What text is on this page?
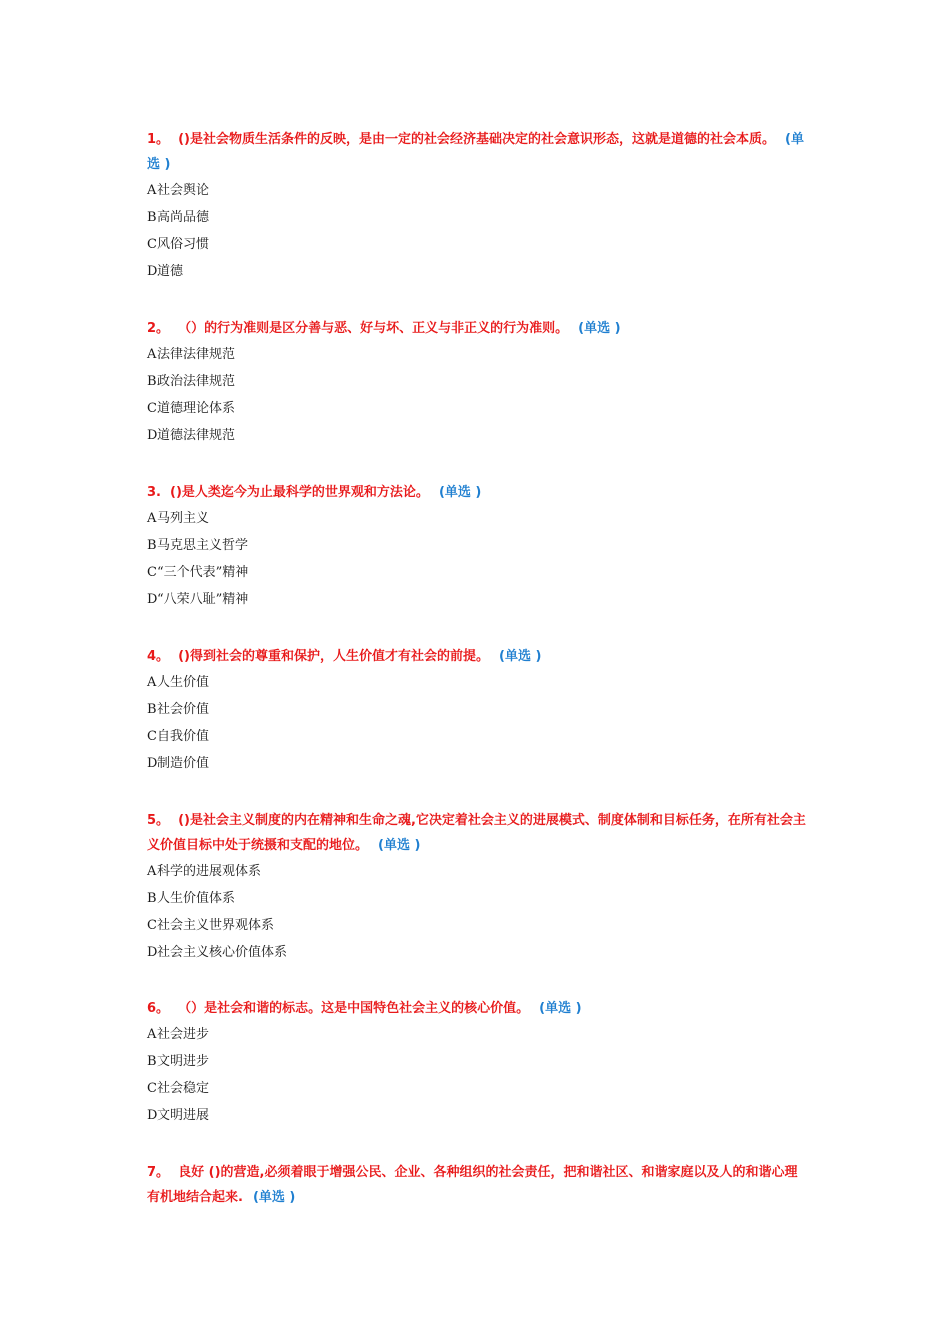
1。 ()是社会物质生活条件的反映，是由一定的社会经济基础决定的社会意识形态，这就是道德的社会本质。 (单选 )

A社会舆论
B高尚品德
C风俗习惯
D道德

2。 （）的行为准则是区分善与恶、好与坏、正义与非正义的行为准则。 (单选 )

A法律法律规范
B政治法律规范
C道德理论体系
D道德法律规范

3. ()是人类迄今为止最科学的世界观和方法论。 (单选 )

A马列主义
B马克思主义哲学
C“三个代表”精神
D“八荣八耻”精神

4。 ()得到社会的尊重和保护，人生价值才有社会的前提。 (单选 )

A人生价值
B社会价值
C自我价值
D制造价值

5。 ()是社会主义制度的内在精神和生命之魂,它决定着社会主义的进展模式、制度体制和目标任务，在所有社会主义价值目标中处于统摄和支配的地位。 (单选 )

A科学的进展观体系
B人生价值体系
C社会主义世界观体系
D社会主义核心价值体系

6。 （）是社会和谐的标志。这是中国特色社会主义的核心价值。 (单选 )

A社会进步
B文明进步
C社会稳定
D文明进展

7。 良好 ()的营造,必须着眼于增强公民、企业、各种组织的社会责任，把和谐社区、和谐家庭以及人的和谐心理有机地结合起来. (单选 )
